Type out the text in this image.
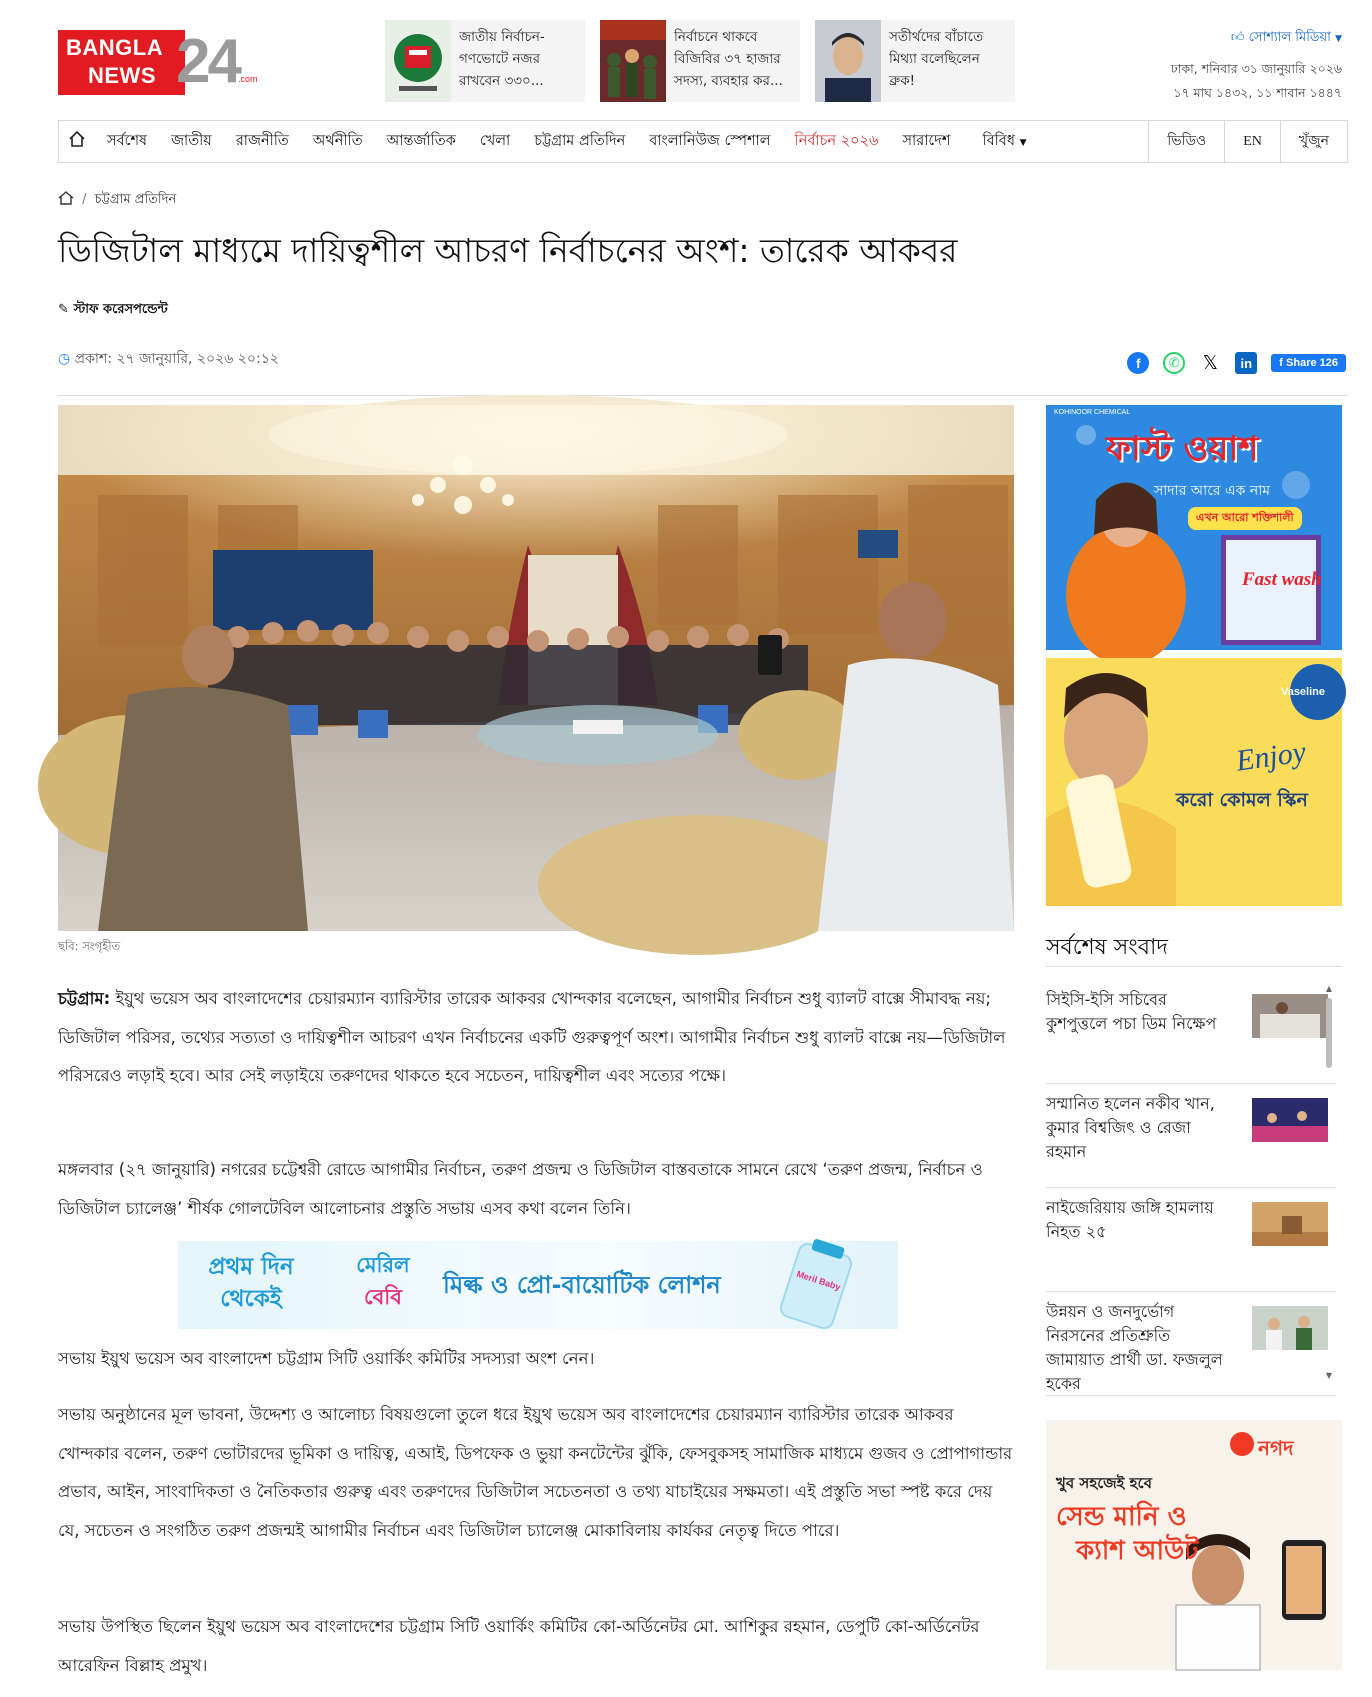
BANGLA
NEWS 24 .com
জাতীয় নির্বাচন-গণভোটে নজর রাখবেন ৩৩০...
নির্বাচনে থাকবে বিজিবির ৩৭ হাজার সদস্য, ব্যবহার কর...
সতীর্থদের বাঁচাতে মিথ্যা বলেছিলেন ব্রুক!
👍︎ সোশ্যাল মিডিয়া ▼
ঢাকা, শনিবার ৩১ জানুয়ারি ২০২৬
১৭ মাঘ ১৪৩২, ১১ শাবান ১৪৪৭
সর্বশেষ	জাতীয়	রাজনীতি	অর্থনীতি	আন্তর্জাতিক	খেলা	চট্টগ্রাম প্রতিদিন	বাংলানিউজ স্পেশাল	নির্বাচন ২০২৬	সারাদেশ	বিবিধ ▼	ভিডিও	EN	খুঁজুন
/ চট্টগ্রাম প্রতিদিন
ডিজিটাল মাধ্যমে দায়িত্বশীল আচরণ নির্বাচনের অংশ: তারেক আকবর
✎ স্টাফ করেসপন্ডেন্ট
◷ প্রকাশ: ২৭ জানুয়ারি, ২০২৬ ২০:১২	f	✆ 𝕏	in	f Share 126
ছবি: সংগৃহীত

চট্টগ্রাম: ইয়ুথ ভয়েস অব বাংলাদেশের চেয়ারম্যান ব্যারিস্টার তারেক আকবর খোন্দকার বলেছেন, আগামীর নির্বাচন শুধু ব্যালট বাক্সে সীমাবদ্ধ নয়; ডিজিটাল পরিসর, তথ্যের সত্যতা ও দায়িত্বশীল আচরণ এখন নির্বাচনের একটি গুরুত্বপূর্ণ অংশ। আগামীর নির্বাচন শুধু ব্যালট বাক্সে নয়—ডিজিটাল পরিসরেও লড়াই হবে। আর সেই লড়াইয়ে তরুণদের থাকতে হবে সচেতন, দায়িত্বশীল এবং সত্যের পক্ষে।

মঙ্গলবার (২৭ জানুয়ারি) নগরের চট্টেশ্বরী রোডে আগামীর নির্বাচন, তরুণ প্রজন্ম ও ডিজিটাল বাস্তবতাকে সামনে রেখে ‘তরুণ প্রজন্ম, নির্বাচন ও ডিজিটাল চ্যালেঞ্জ’ শীর্ষক গোলটেবিল আলোচনার প্রস্তুতি সভায় এসব কথা বলেন তিনি।

প্রথম দিন
থেকেই
মেরিল
বেবি	মিল্ক ও প্রো-বায়োটিক লোশন	Meril Baby

সভায় ইয়ুথ ভয়েস অব বাংলাদেশ চট্টগ্রাম সিটি ওয়ার্কিং কমিটির সদস্যরা অংশ নেন।

সভায় অনুষ্ঠানের মূল ভাবনা, উদ্দেশ্য ও আলোচ্য বিষয়গুলো তুলে ধরে ইয়ুথ ভয়েস অব বাংলাদেশের চেয়ারম্যান ব্যারিস্টার তারেক আকবর খোন্দকার বলেন, তরুণ ভোটারদের ভূমিকা ও দায়িত্ব, এআই, ডিপফেক ও ভুয়া কনটেন্টের ঝুঁকি, ফেসবুকসহ সামাজিক মাধ্যমে গুজব ও প্রোপাগান্ডার প্রভাব, আইন, সাংবাদিকতা ও নৈতিকতার গুরুত্ব এবং তরুণদের ডিজিটাল সচেতনতা ও তথ্য যাচাইয়ের সক্ষমতা। এই প্রস্তুতি সভা স্পষ্ট করে দেয় যে, সচেতন ও সংগঠিত তরুণ প্রজন্মই আগামীর নির্বাচন এবং ডিজিটাল চ্যালেঞ্জ মোকাবিলায় কার্যকর নেতৃত্ব দিতে পারে।

সভায় উপস্থিত ছিলেন ইয়ুথ ভয়েস অব বাংলাদেশের চট্টগ্রাম সিটি ওয়ার্কিং কমিটির কো-অর্ডিনেটর মো. আশিকুর রহমান, ডেপুটি কো-অর্ডিনেটর আরেফিন বিল্লাহ প্রমুখ।

KOHINOOR CHEMICAL
ফাস্ট ওয়াশ
সাদার আরে এক নাম
এখন আরো শক্তিশালী
Fast wash
Vaseline
Enjoy
করো কোমল স্কিন
সর্বশেষ সংবাদ
সিইসি-ইসি সচিবের কুশপুত্তলে পচা ডিম নিক্ষেপ
সম্মানিত হলেন নকীব খান, কুমার বিশ্বজিৎ ও রেজা রহমান
নাইজেরিয়ায় জঙ্গি হামলায় নিহত ২৫
উন্নয়ন ও জনদুর্ভোগ নিরসনের প্রতিশ্রুতি জামায়াত প্রার্থী ডা. ফজলুল হকের
▲
▼
নগদ
খুব সহজেই হবে
সেন্ড মানি ও
ক্যাশ আউট
